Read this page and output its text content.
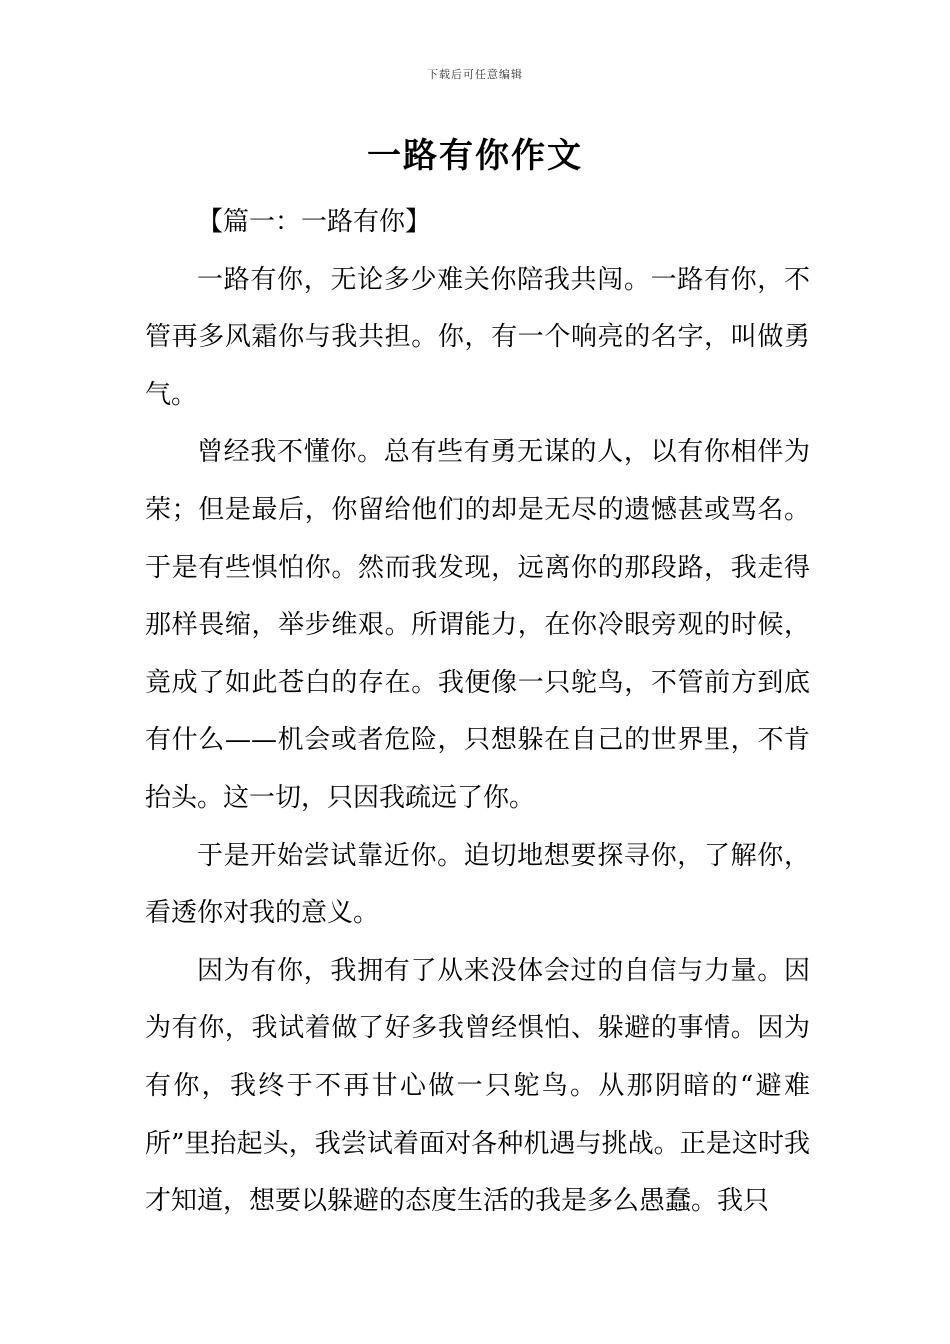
下载后可任意编辑
一路有你作文

【篇一：一路有你】

一路有你，无论多少难关你陪我共闯。一路有你，不管再多风霜你与我共担。你，有一个响亮的名字，叫做勇气。

曾经我不懂你。总有些有勇无谋的人，以有你相伴为荣；但是最后，你留给他们的却是无尽的遗憾甚或骂名。于是有些惧怕你。然而我发现，远离你的那段路，我走得那样畏缩，举步维艰。所谓能力，在你冷眼旁观的时候，竟成了如此苍白的存在。我便像一只鸵鸟，不管前方到底有什么——机会或者危险，只想躲在自己的世界里，不肯抬头。这一切，只因我疏远了你。

于是开始尝试靠近你。迫切地想要探寻你，了解你，看透你对我的意义。

因为有你，我拥有了从来没体会过的自信与力量。因为有你，我试着做了好多我曾经惧怕、躲避的事情。因为有你，我终于不再甘心做一只鸵鸟。从那阴暗的“避难所”里抬起头，我尝试着面对各种机遇与挑战。正是这时我才知道，想要以躲避的态度生活的我是多么愚蠢。我只
